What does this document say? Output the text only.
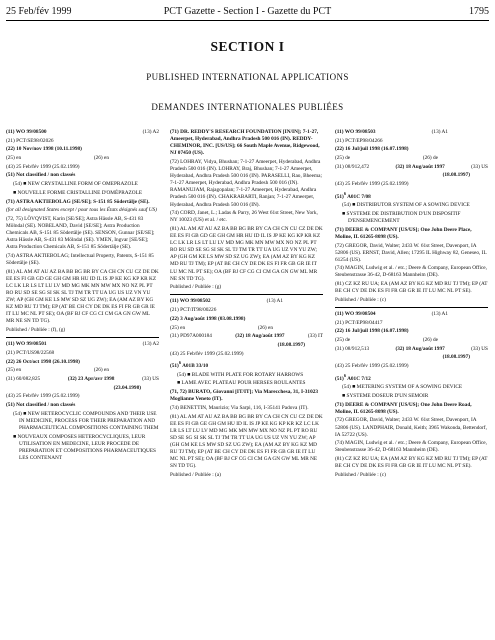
25 Feb/fév 1999	PCT Gazette - Section I - Gazette du PCT	1795
SECTION I
PUBLISHED INTERNATIONAL APPLICATIONS
DEMANDES INTERNATIONALES PUBLIÉES

(11) WO 99/08500	(13) A2

(21) PCT/SE98/02026

(22) 10 Nov/nov 1998 (10.11.1998)

(25) en	(26) en

(43) 25 Feb/fév 1999 (25.02.1999)

(51) Not classified / non classés

(54) ■ NEW CRYSTALLINE FORM OF OMEPRAZOLE

■ NOUVELLE FORME CRISTALLINE D'OMÉPRAZOLE

(71) ASTRA AKTIEBOLAG [SE/SE]; S-151 85 Södertälje (SE).

(for all designated States except / pour tous les États désignés sauf US)

(72, 75) LÖVQVIST, Karin [SE/SE]; Astra Hässle AB, S-431 83 Mölndal (SE). NOBELAND, David [SE/SE]; Astra Production Chemicals AB, S-151 85 Södertälje (SE). SENSON, Gunnar [SE/SE]; Astra Hässle AB, S-431 83 Mölndal (SE). YMEN, Ingvar [SE/SE]; Astra Production Chemicals AB, S-151 85 Södertälje (SE).

(74) ASTRA AKTIEBOLAG; Intellectual Property, Patents, S-151 85 Södertälje (SE).

(81) AL AM AT AU AZ BA BB BG BR BY CA CH CN CU CZ DE DK EE ES FI GB GD GE GH GM HR HU ID IL IS JP KE KG KP KR KZ LC LK LR LS LT LU LV MD MG MK MN MW MX NO NZ PL PT RO RU SD SE SG SI SK SL TJ TM TR TT UA UG US UZ VN YU ZW; AP (GH GM KE LS MW SD SZ UG ZW); EA (AM AZ BY KG KZ MD RU TJ TM); EP (AT BE CH CY DE DK ES FI FR GB GR IE IT LU MC NL PT SE); OA (BF BJ CF CG CI CM GA GN GW ML MR NE SN TD TG).

Published / Publiée : (f), (g)

(11) WO 99/08501	(13) A2

(21) PCT/US98/22568

(22) 26 Oct/oct 1998 (26.10.1998)

(25) en	(26) en

(31) 60/082,825	(32) 23 Apr/avr 1998	(33) US

(23.04.1998)

(43) 25 Feb/fév 1999 (25.02.1999)

(51) Not classified / non classés

(54) ■ NEW HETEROCYCLIC COMPOUNDS AND THEIR USE IN MEDICINE, PROCESS FOR THEIR PREPARATION AND PHARMACEUTICAL COMPOSITIONS CONTAINING THEM

■ NOUVEAUX COMPOSES HETEROCYCLIQUES, LEUR UTILISATION EN MEDECINE, LEUR PROCEDE DE PREPARATION ET COMPOSITIONS PHARMACEUTIQUES LES CONTENANT

(71) DR. REDDY'S RESEARCH FOUNDATION [IN/IN]; 7-1-27, Ameerpet, Hyderabad, Andhra Pradesh 500 016 (IN). REDDY-CHEMINOR, INC. [US/US]; 66 South Maple Avenue, Ridgewood, NJ 07450 (US).

(72) LOHRAY, Vidya, Bhushan; 7-1-27 Ameerpet, Hyderabad, Andhra Pradesh 500 016 (IN). LOHRAY, Braj, Bhushan; 7-1-27 Ameerpet, Hyderabad, Andhra Pradesh 500 016 (IN). PARASELLI, Rao, Bheema; 7-1-27 Ameerpet, Hyderabad, Andhra Pradesh 500 016 (IN). RAMANUJAM, Rajagopalan; 7-1-27 Ameerpet, Hyderabad, Andhra Pradesh 500 016 (IN). CHAKRABARTI, Ranjan; 7-1-27 Ameerpet, Hyderabad, Andhra Pradesh 500 016 (IN).

(74) CORD, Janet, L.; Ladas & Parry, 26 West 61st Street, New York, NY 10023 (US) et al. / etc.

(81) AL AM AT AU AZ BA BB BG BR BY CA CH CN CU CZ DE DK EE ES FI GB GD GE GH GM HR HU ID IL IS JP KE KG KP KR KZ LC LK LR LS LT LU LV MD MG MK MN MW MX NO NZ PL PT RO RU SD SE SG SI SK SL TJ TM TR TT UA UG UZ VN YU ZW; AP (GH GM KE LS MW SD SZ UG ZW); EA (AM AZ BY KG KZ MD RU TJ TM); EP (AT BE CH CY DE DK ES FI FR GB GR IE IT LU MC NL PT SE); OA (BF BJ CF CG CI CM GA GN GW ML MR NE SN TD TG).

Published / Publiée : (g)

(11) WO 99/08502	(13) A1

(21) PCT/IT98/00226

(22) 3 Aug/août 1998 (03.08.1998)

(25) en	(26) en

(31) PD97A000184	(32) 18 Aug/août 1997	(33) IT

(18.08.1997)

(43) 25 Feb/fév 1999 (25.02.1999)

$(51)^6$ A01B 33/10

(54) ■ BLADE WITH PLATE FOR ROTARY HARROWS

■ LAME AVEC PLATEAU POUR HERSES ROULANTES

(71, 72) BURATO, Giovanni [IT/IT]; Via Marecchesa, 31, I-31023 Moglianne Veneto (IT).

(74) BENETTIN, Maurizio; Via Sarpi, 116, I-35141 Padova (IT).

(81) AL AM AT AU AZ BA BB BG BR BY CA CH CN CU CZ DE DK EE ES FI GB GE GH GM HU ID IL IS JP KE KG KP KR KZ LC LK LR LS LT LU LV MD MG MK MN MW MX NO NZ PL PT RO RU SD SE SG SI SK SL TJ TM TR TT UA UG US UZ VN YU ZW; AP (GH GM KE LS MW SD SZ UG ZW); EA (AM AZ BY KG KZ MD RU TJ TM); EP (AT BE CH CY DE DK ES FI FR GB GR IE IT LU MC NL PT SE); OA (BF BJ CF CG CI CM GA GN GW ML MR NE SN TD TG).

Published / Publiée : (a)

(11) WO 99/08503	(13) A1

(21) PCT/EP98/04266

(22) 16 Jul/juil 1998 (16.07.1998)

(25) de	(26) de

(31) 08/912,472	(32) 18 Aug/août 1997	(33) US

(18.08.1997)

(43) 25 Feb/fév 1999 (25.02.1999)

$(51)^6$ A01C 7/08

(54) ■ DISTRIBUTOR SYSTEM OF A SOWING DEVICE

■ SYSTEME DE DISTRIBUTION D'UN DISPOSITIF D'ENSEMENCEMENT

(71) DEERE & COMPANY [US/US]; One John Deere Place, Moline, IL 61265-8098 (US).

(72) GREGOR, David, Walter; 2433 W. 61st Street, Davenport, IA 52806 (US). ERNST, David, Allen; 17295 IL Highway 82, Geneseo, IL 61254 (US).

(74) MAGIN, Ludwig et al. / etc.; Deere & Company, European Office, Steubenstrasse 36-42, D-68163 Mannheim (DE).

(81) CZ KZ RU UA; EA (AM AZ BY KG KZ MD RU TJ TM); EP (AT BE CH CY DE DK ES FI FR GB GR IE IT LU MC NL PT SE).

Published / Publiée : (c)

(11) WO 99/08504	(13) A1

(21) PCT/EP98/04417

(22) 16 Jul/juil 1998 (16.07.1998)

(25) de	(26) de

(31) 08/912,513	(32) 18 Aug/août 1997	(33) US

(18.08.1997)

(43) 25 Feb/fév 1999 (25.02.1999)

$(51)^6$ A01C 7/12

(54) ■ METERING SYSTEM OF A SOWING DEVICE

■ SYSTEME DOSEUR D'UN SEMOIR

(71) DEERE & COMPANY [US/US]; One John Deere Road, Moline, IL 61265-8098 (US).

(72) GREGOR, David, Walter; 2433 W. 61st Street, Davenport, IA 52806 (US). LANDPHAIR, Donald, Keith; 3965 Wakonda, Bettendorf, IA 52722 (US).

(74) MAGIN, Ludwig et al. / etc.; Deere & Company, European Office, Steubenstrasse 36-42, D-68163 Mannheim (DE).

(81) CZ KZ RU UA; EA (AM AZ BY KG KZ MD RU TJ TM); EP (AT BE CH CY DE DK ES FI FR GB GR IE IT LU MC NL PT SE).

Published / Publiée : (c)
